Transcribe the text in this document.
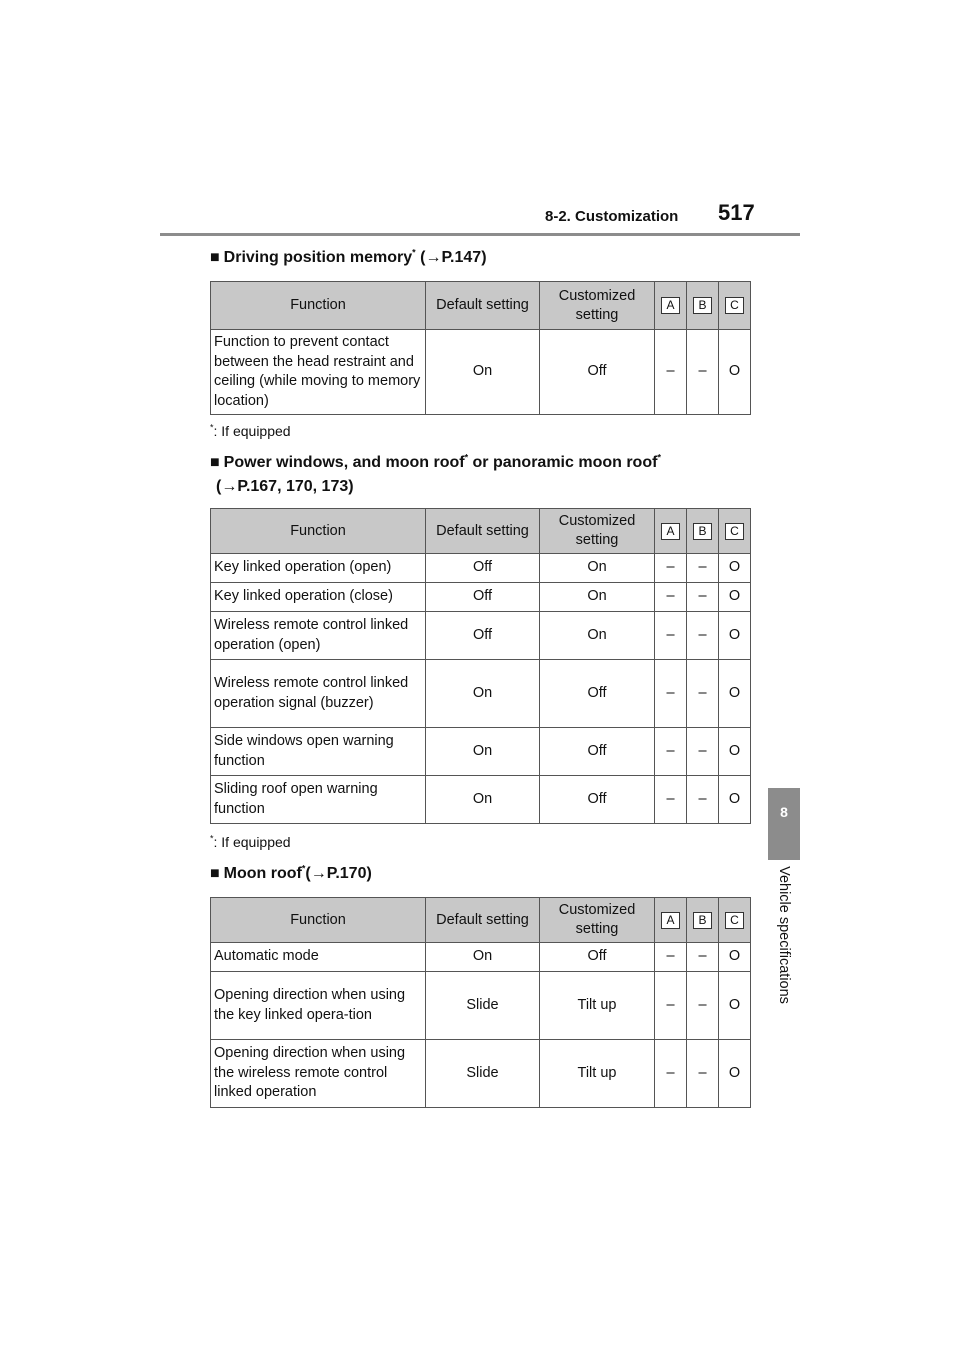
8-2. Customization 517
8
Vehicle specifications
■ Driving position memory* (→P.147)
Function	Default setting	Customized setting	A	B	C
Function to prevent contact between the head restraint and ceiling (while moving to memory location)	On	Off	–	–	O
*: If equipped
■ Power windows, and moon roof* or panoramic moon roof*
(→P.167, 170, 173)
Function	Default setting	Customized setting	A	B	C
Key linked operation (open)	Off	On	–	–	O
Key linked operation (close)	Off	On	–	–	O
Wireless remote control linked operation (open)	Off	On	–	–	O
Wireless remote control linked operation signal (buzzer)	On	Off	–	–	O
Side windows open warning function	On	Off	–	–	O
Sliding roof open warning function	On	Off	–	–	O
*: If equipped
■ Moon roof*(→P.170)
Function	Default setting	Customized setting	A	B	C
Automatic mode	On	Off	–	–	O
Opening direction when using the key linked opera-tion	Slide	Tilt up	–	–	O
Opening direction when using the wireless remote control linked operation	Slide	Tilt up	–	–	O
